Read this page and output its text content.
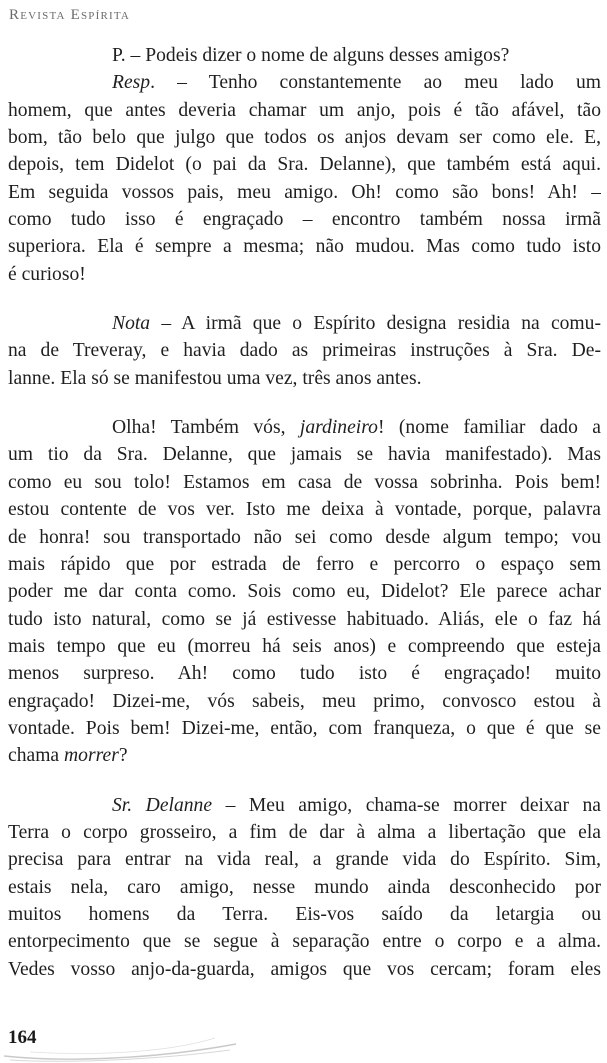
Revista Espírita
P. – Podeis dizer o nome de alguns desses amigos?
Resp. – Tenho constantemente ao meu lado um
homem, que antes deveria chamar um anjo, pois é tão afável, tão
bom, tão belo que julgo que todos os anjos devam ser como ele. E,
depois, tem Didelot (o pai da Sra. Delanne), que também está aqui.
Em seguida vossos pais, meu amigo. Oh! como são bons! Ah! –
como tudo isso é engraçado – encontro também nossa irmã
superiora. Ela é sempre a mesma; não mudou. Mas como tudo isto
é curioso!
Nota – A irmã que o Espírito designa residia na comu-
na de Treveray, e havia dado as primeiras instruções à Sra. De-
lanne. Ela só se manifestou uma vez, três anos antes.
Olha! Também vós, jardineiro! (nome familiar dado a
um tio da Sra. Delanne, que jamais se havia manifestado). Mas
como eu sou tolo! Estamos em casa de vossa sobrinha. Pois bem!
estou contente de vos ver. Isto me deixa à vontade, porque, palavra
de honra! sou transportado não sei como desde algum tempo; vou
mais rápido que por estrada de ferro e percorro o espaço sem
poder me dar conta como. Sois como eu, Didelot? Ele parece achar
tudo isto natural, como se já estivesse habituado. Aliás, ele o faz há
mais tempo que eu (morreu há seis anos) e compreendo que esteja
menos surpreso. Ah! como tudo isto é engraçado! muito
engraçado! Dizei-me, vós sabeis, meu primo, convosco estou à
vontade. Pois bem! Dizei-me, então, com franqueza, o que é que se
chama morrer?
Sr. Delanne – Meu amigo, chama-se morrer deixar na
Terra o corpo grosseiro, a fim de dar à alma a libertação que ela
precisa para entrar na vida real, a grande vida do Espírito. Sim,
estais nela, caro amigo, nesse mundo ainda desconhecido por
muitos homens da Terra. Eis-vos saído da letargia ou
entorpecimento que se segue à separação entre o corpo e a alma.
Vedes vosso anjo-da-guarda, amigos que vos cercam; foram eles
164
